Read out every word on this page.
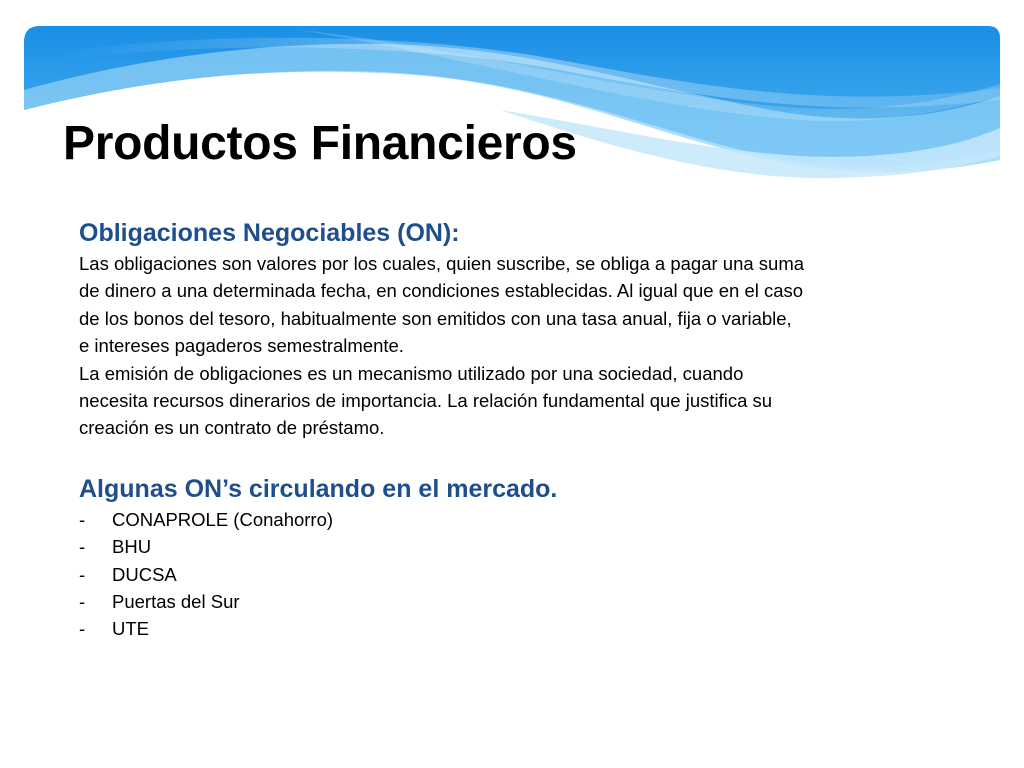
Productos Financieros
Obligaciones Negociables (ON):

Las obligaciones son valores por los cuales, quien suscribe, se obliga a pagar una suma
de dinero a una determinada fecha, en condiciones establecidas. Al igual que en el caso
de los bonos del tesoro, habitualmente son emitidos con una tasa anual, fija o variable,
e intereses pagaderos semestralmente.
La emisión de obligaciones es un mecanismo utilizado por una sociedad, cuando
necesita recursos dinerarios de importancia. La relación fundamental que justifica su
creación es un contrato de préstamo.

Algunas ON’s circulando en el mercado.
- CONAPROLE (Conahorro)
- BHU
- DUCSA
- Puertas del Sur
- UTE
